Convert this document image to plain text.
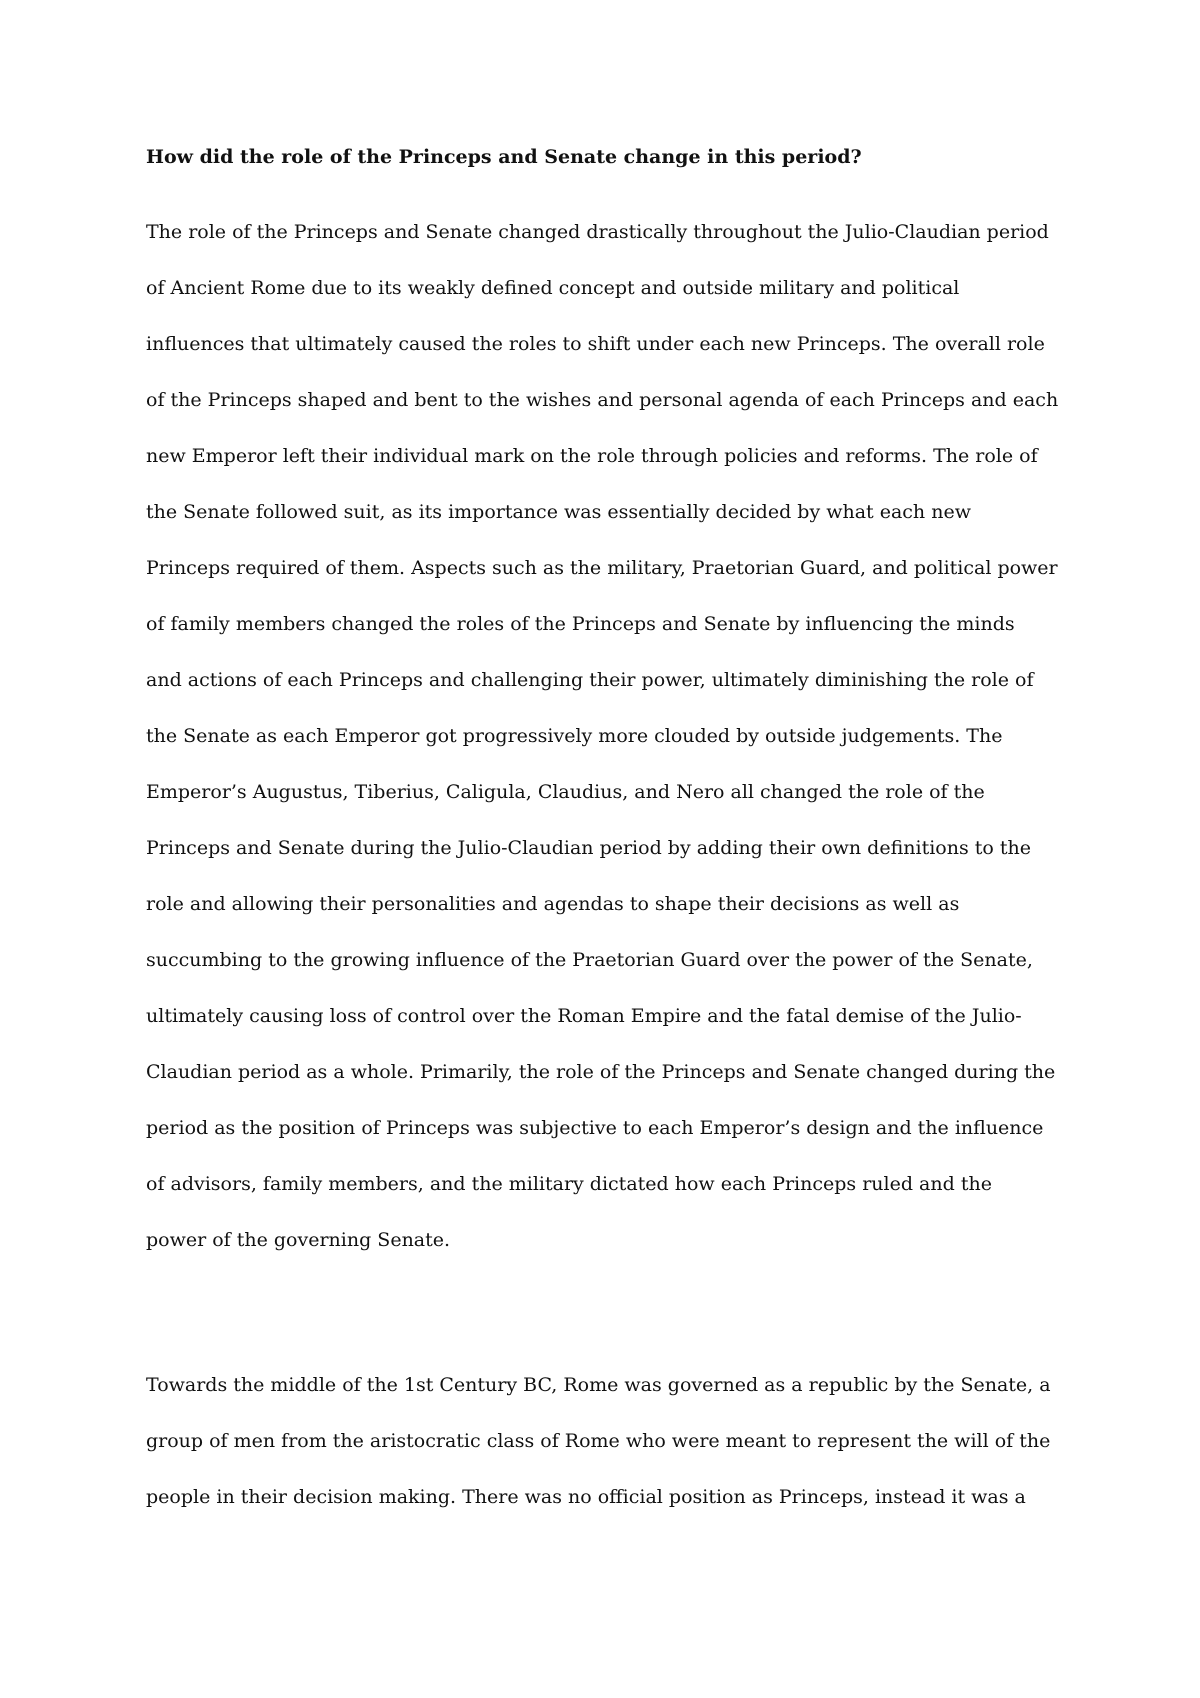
How did the role of the Princeps and Senate change in this period?

The role of the Princeps and Senate changed drastically throughout the Julio-Claudian period

of Ancient Rome due to its weakly defined concept and outside military and political

influences that ultimately caused the roles to shift under each new Princeps. The overall role

of the Princeps shaped and bent to the wishes and personal agenda of each Princeps and each

new Emperor left their individual mark on the role through policies and reforms. The role of

the Senate followed suit, as its importance was essentially decided by what each new

Princeps required of them. Aspects such as the military, Praetorian Guard, and political power

of family members changed the roles of the Princeps and Senate by influencing the minds

and actions of each Princeps and challenging their power, ultimately diminishing the role of

the Senate as each Emperor got progressively more clouded by outside judgements. The

Emperor’s Augustus, Tiberius, Caligula, Claudius, and Nero all changed the role of the

Princeps and Senate during the Julio-Claudian period by adding their own definitions to the

role and allowing their personalities and agendas to shape their decisions as well as

succumbing to the growing influence of the Praetorian Guard over the power of the Senate,

ultimately causing loss of control over the Roman Empire and the fatal demise of the Julio-

Claudian period as a whole. Primarily, the role of the Princeps and Senate changed during the

period as the position of Princeps was subjective to each Emperor’s design and the influence

of advisors, family members, and the military dictated how each Princeps ruled and the

power of the governing Senate.

Towards the middle of the 1st Century BC, Rome was governed as a republic by the Senate, a

group of men from the aristocratic class of Rome who were meant to represent the will of the

people in their decision making. There was no official position as Princeps, instead it was a
